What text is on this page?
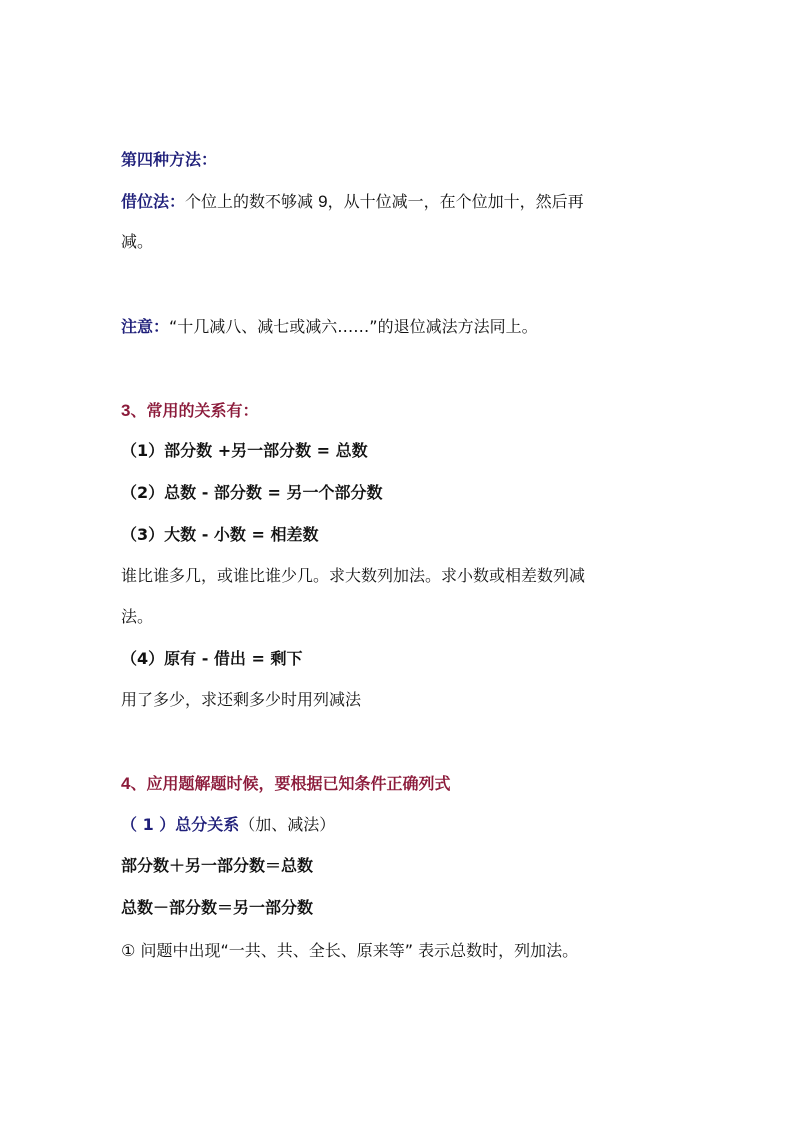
第四种方法：
借位法：个位上的数不够减 9，从十位减一，在个位加十，然后再
减。
注意：“十几减八、减七或减六……”的退位减法方法同上。
3、常用的关系有：
（1）部分数 +另一部分数 = 总数
（2）总数 - 部分数 = 另一个部分数
（3）大数 - 小数 = 相差数
谁比谁多几，或谁比谁少几。求大数列加法。求小数或相差数列减
法。
（4）原有 - 借出 = 剩下
用了多少，求还剩多少时用列减法
4、应用题解题时候，要根据已知条件正确列式
（ 1 ）总分关系（加、减法）
部分数＋另一部分数＝总数
总数－部分数＝另一部分数
① 问题中出现“一共、共、全长、原来等” 表示总数时，列加法。
